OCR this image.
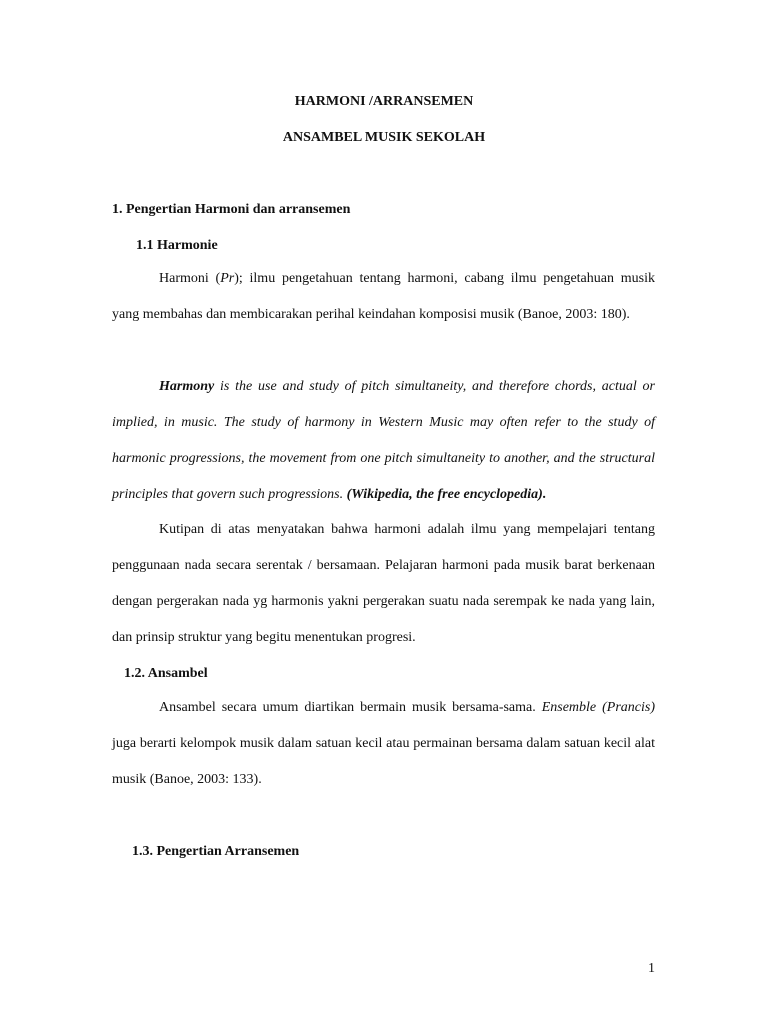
HARMONI /ARRANSEMEN
ANSAMBEL MUSIK SEKOLAH
1. Pengertian Harmoni dan arransemen
1.1 Harmonie

Harmoni (Pr); ilmu pengetahuan tentang harmoni, cabang ilmu pengetahuan musik yang membahas dan membicarakan perihal keindahan komposisi musik (Banoe, 2003: 180).

Harmony is the use and study of pitch simultaneity, and therefore chords, actual or implied, in music. The study of harmony in Western Music may often refer to the study of harmonic progressions, the movement from one pitch simultaneity to another, and the structural principles that govern such progressions. (Wikipedia, the free encyclopedia).

Kutipan di atas menyatakan bahwa harmoni adalah ilmu yang mempelajari tentang penggunaan nada secara serentak / bersamaan. Pelajaran harmoni pada musik barat berkenaan dengan pergerakan nada yg harmonis yakni pergerakan suatu nada serempak ke nada yang lain, dan prinsip struktur yang begitu menentukan progresi.

1.2. Ansambel

Ansambel secara umum diartikan bermain musik bersama-sama. Ensemble (Prancis) juga berarti kelompok musik dalam satuan kecil atau permainan bersama dalam satuan kecil alat musik (Banoe, 2003: 133).

1.3. Pengertian Arransemen
1
